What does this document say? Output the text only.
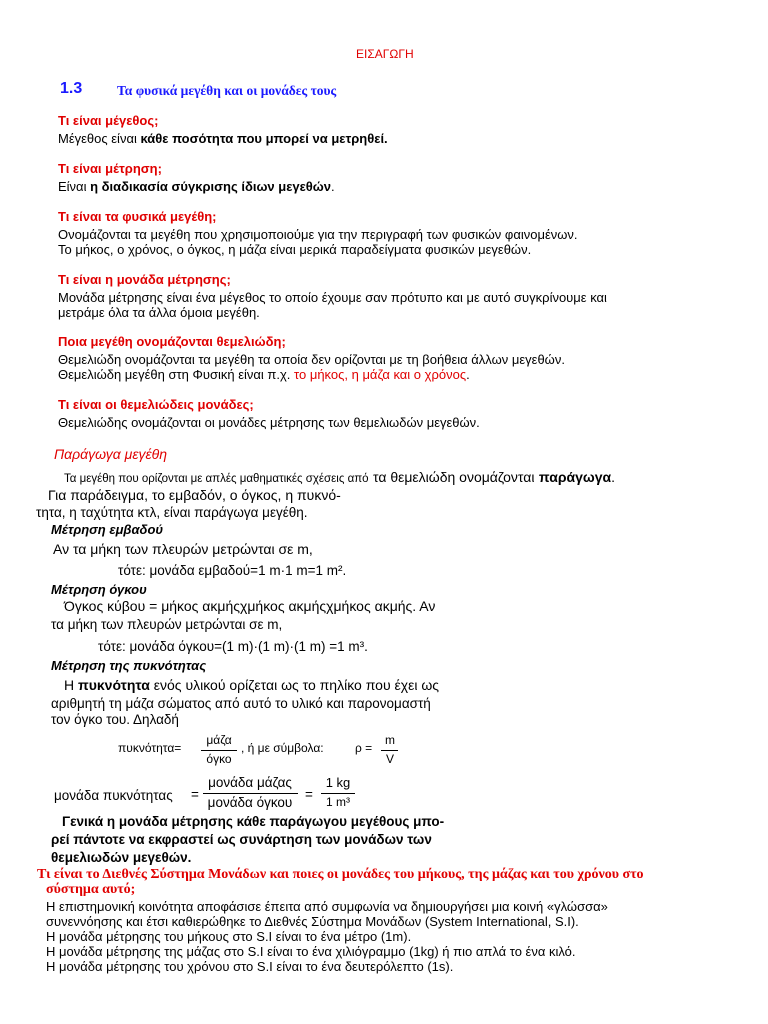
ΕΙΣΑΓΩΓΗ
1.3	Τα φυσικά μεγέθη και οι μονάδες τους
Τι είναι μέγεθος;
Μέγεθος είναι κάθε ποσότητα που μπορεί να μετρηθεί.
Τι είναι μέτρηση;
Είναι η διαδικασία σύγκρισης ίδιων μεγεθών.
Τι είναι τα φυσικά μεγέθη;
Ονομάζονται τα μεγέθη που χρησιμοποιούμε για την περιγραφή των φυσικών φαινομένων.
Το μήκος, ο χρόνος, ο όγκος, η μάζα είναι μερικά παραδείγματα φυσικών μεγεθών.
Τι είναι η μονάδα μέτρησης;
Μονάδα μέτρησης είναι ένα μέγεθος το οποίο έχουμε σαν πρότυπο και με αυτό συγκρίνουμε και
μετράμε όλα τα άλλα όμοια μεγέθη.
Ποια μεγέθη ονομάζονται θεμελιώδη;
Θεμελιώδη ονομάζονται τα μεγέθη τα οποία δεν ορίζονται με τη βοήθεια άλλων μεγεθών.
Θεμελιώδη μεγέθη στη Φυσική είναι π.χ. το μήκος, η μάζα και ο χρόνος.
Τι είναι οι θεμελιώδεις μονάδες;
Θεμελιώδης ονομάζονται οι μονάδες μέτρησης των θεμελιωδών μεγεθών.
Παράγωγα μεγέθη
Τα μεγέθη που ορίζονται με απλές μαθηματικές σχέσεις από τα θεμελιώδη ονομάζονται παράγωγα.
Για παράδειγμα, το εμβαδόν, ο όγκος, η πυκνό-
τητα, η ταχύτητα κτλ, είναι παράγωγα μεγέθη.
Μέτρηση εμβαδού
Αν τα μήκη των πλευρών μετρώνται σε m,
τότε: μονάδα εμβαδού=1 m·1 m=1 m².
Μέτρηση όγκου
Όγκος κύβου = μήκος ακμήςχμήκος ακμήςχμήκος ακμής. Αν
τα μήκη των πλευρών μετρώνται σε m,
τότε: μονάδα όγκου=(1 m)·(1 m)·(1 m) =1 m³.
Μέτρηση της πυκνότητας
Η πυκνότητα ενός υλικού ορίζεται ως το πηλίκο που έχει ως
αριθμητή τη μάζα σώματος από αυτό το υλικό και παρονομαστή
τον όγκο του. Δηλαδή
πυκνότητα=
μάζα
όγκο
, ή με σύμβολα:	ρ =
m
V
μονάδα πυκνότητας =
μονάδα μάζας
μονάδα όγκου
=
1 kg
1 m³
Γενικά η μονάδα μέτρησης κάθε παράγωγου μεγέθους μπο-
ρεί πάντοτε να εκφραστεί ως συνάρτηση των μονάδων των
θεμελιωδών μεγεθών.
Τι είναι το Διεθνές Σύστημα Μονάδων και ποιες οι μονάδες του μήκους, της μάζας και του χρόνου στο
σύστημα αυτό;
Η επιστημονική κοινότητα αποφάσισε έπειτα από συμφωνία να δημιουργήσει μια κοινή «γλώσσα»
συνεννόησης και έτσι καθιερώθηκε το Διεθνές Σύστημα Μονάδων (System International, S.I).
Η μονάδα μέτρησης του μήκους στο S.I είναι το ένα μέτρο (1m).
Η μονάδα μέτρησης της μάζας στο S.I είναι το ένα χιλιόγραμμο (1kg) ή πιο απλά το ένα κιλό.
Η μονάδα μέτρησης του χρόνου στο S.I είναι το ένα δευτερόλεπτο (1s).
